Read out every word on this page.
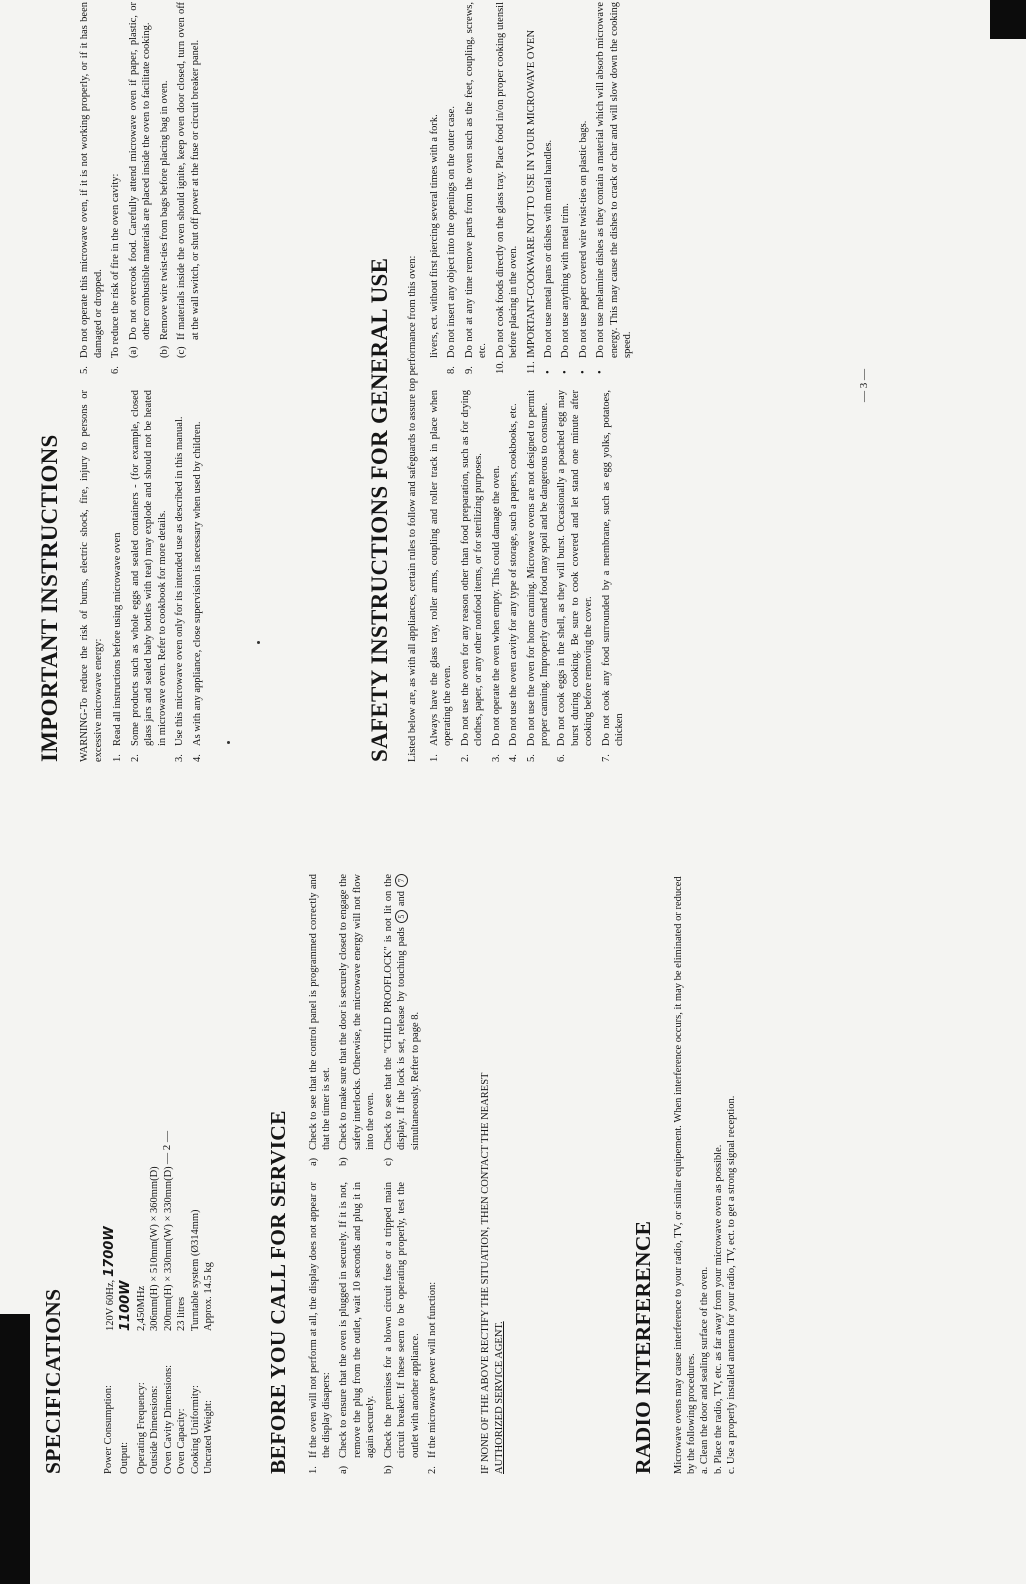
SPECIFICATIONS	Power Consumption:
120V 60Hz,1700W
Output:
1100W
Operating Frequency:
2,450MHz
Outside Dimensions:
306mm(H) × 510mm(W) × 360mm(D)
Oven Cavity Dimensions:
200mm(H) × 330mm(W) × 330mm(D)
Oven Capacity:
23 litres
Cooking Uniformity:
Turntable system (Ø314mm)
Uncrated Weight:
Approx. 14.5 kg BEFORE YOU CALL FOR SERVICE 1.
If the oven will not perform at all, the display does not appear or the display disapers:
a)
Check to ensure that the oven is plugged in securely. If it is not, remove the plug from the outlet, wait 10 seconds and plug it in again securely.
b)
Check the premises for a blown circuit fuse or a tripped main circuit breaker. If these seem to be operating properly, test the outlet with another appliance.
2.
If the microwave power will not function:
a)
Check to see that the control panel is programmed correctly and that the timer is set.
b)
Check to make sure that the door is securely closed to engage the safety interlocks. Otherwise, the microwave energy will not flow into the oven.
c)
Check to see that the "CHILD PROOFLOCK" is not lit on the display. If the lock is set, release by touching pads 5 and 7 simultaneously. Refter to page 8.	IF NONE OF THE ABOVE RECTIFY THE SITUATION, THEN CONTACT THE NEAREST AUTHORIZED SERVICE AGENT.	RADIO INTERFERENCE Microwave ovens may cause interference to your radio, TV, or similar equipement. When interference occurs, it may be eliminated or reduced by the following procedures. a. Clean the door and sealing surface of the oven. b. Place the radio, TV, etc. as far away from your microwave oven as possible. c. Use a properly installed antenna for your radio, TV, ect. to get a strong signal reception.

— 2 —
IMPORTANT INSTRUCTIONS WARNING-To reduce the risk of burns, electric shock, fire, injury to persons or excessive microwave energy: 1.
Read all instructions before using microwave oven
2.
Some products such as whole eggs and sealed containers - (for example, closed glass jars and sealed baby bottles with teat) may explode and should not be heated in microwave oven. Refer to cookbook for more details.
3.
Use this microwave oven only for its intended use as described in this manual.
4.
As with any appliance, close supervision is necessary when used by children.
5.
Do not operate this microwave oven, if it is not working properly, or if it has been damaged or dropped.
6.
To reduce the risk of fire in the oven cavity: (a)
Do not overcook food. Carefully attend microwave oven if paper, plastic, or other combustible materials are placed inside the oven to facilitate cooking.
(b)
Remove wire twist-ties from bags before placing bag in oven.
(c)
If materials inside the oven should ignite, keep oven door closed, turn oven off at the wall switch, or shut off power at the fuse or circuit breaker panel.
SAFETY INSTRUCTIONS FOR GENERAL USE Listed below are, as with all appliances, certain rules to follow and safeguards to assure top performance from this oven: 1.
Always have the glass tray, roller arms, coupling and roller track in place when operating the oven.
2.
Do not use the oven for any reason other than food preparation, such as for drying clothes, paper, or any other nonfood items, or for sterilizing purposes.
3.
Do not operate the oven when empty. This could damage the oven.
4.
Do not use the oven cavity for any type of storage, such a papers, cookbooks, etc.
5.
Do not use the oven for home canning. Microwave ovens are not designed to permit proper canning. Improperly canned food may spoil and be dangerous to consume.
6.
Do not cook eggs in the shell, as they will burst. Occasionally a poached egg may burst during cooking. Be sure to cook covered and let stand one minute after cooking before removing the cover.
7.
Do not cook any food surrounded by a membrane, such as egg yolks, potatoes, chicken
livers, ect. without first piercing several times with a fork.
8.
Do not insert any object into the openings on the outer case.
9.
Do not at any time remove parts from the oven such as the feet, coupling, screws, etc.
10.
Do not cook foods directly on the glass tray. Place food in/on proper cooking utensil before placing in the oven.
11.
IMPORTANT-COOKWARE NOT TO USE IN YOUR MICROWAVE OVEN
•
Do not use metal pans or dishes with metal handles.
•
Do not use anything with metal trim.
•
Do not use paper covered wire twist-ties on plastic bags.
•
Do not use melamine dishes as they contain a material which will absorb microwave energy. This may cause the dishes to crack or char and will slow down the cooking speed.
— 3 —
